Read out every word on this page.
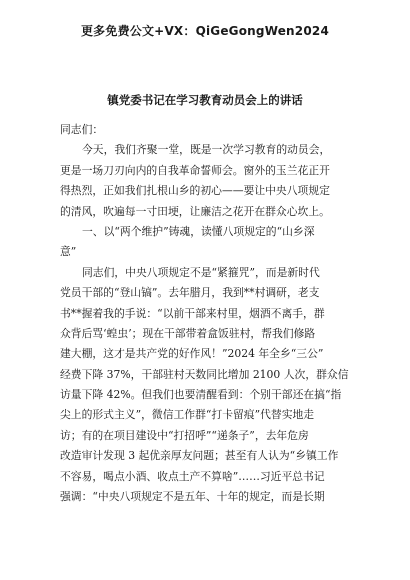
更多免费公文+VX：QiGeGongWen2024
镇党委书记在学习教育动员会上的讲话
同志们：
今天，我们齐聚一堂，既是一次学习教育的动员会，
更是一场刀刃向内的自我革命誓师会。窗外的玉兰花正开
得热烈，正如我们扎根山乡的初心——要让中央八项规定
的清风，吹遍每一寸田埂，让廉洁之花开在群众心坎上。
一、以“两个维护”铸魂，读懂八项规定的“山乡深
意”
同志们，中央八项规定不是“紧箍咒”，而是新时代
党员干部的“登山镐”。去年腊月，我到**村调研，老支
书**握着我的手说：“以前干部来村里，烟酒不离手，群
众背后骂‘蝗虫’；现在干部带着盒饭驻村，帮我们修路
建大棚，这才是共产党的好作风！”2024 年全乡“三公”
经费下降 37%，干部驻村天数同比增加 2100 人次，群众信
访量下降 42%。但我们也要清醒看到：个别干部还在搞“指
尖上的形式主义”，微信工作群“打卡留痕”代替实地走
访；有的在项目建设中“打招呼”“递条子”，去年危房
改造审计发现 3 起优亲厚友问题；甚至有人认为“乡镇工作
不容易，喝点小酒、收点土产不算啥”……习近平总书记
强调：“中央八项规定不是五年、十年的规定，而是长期
